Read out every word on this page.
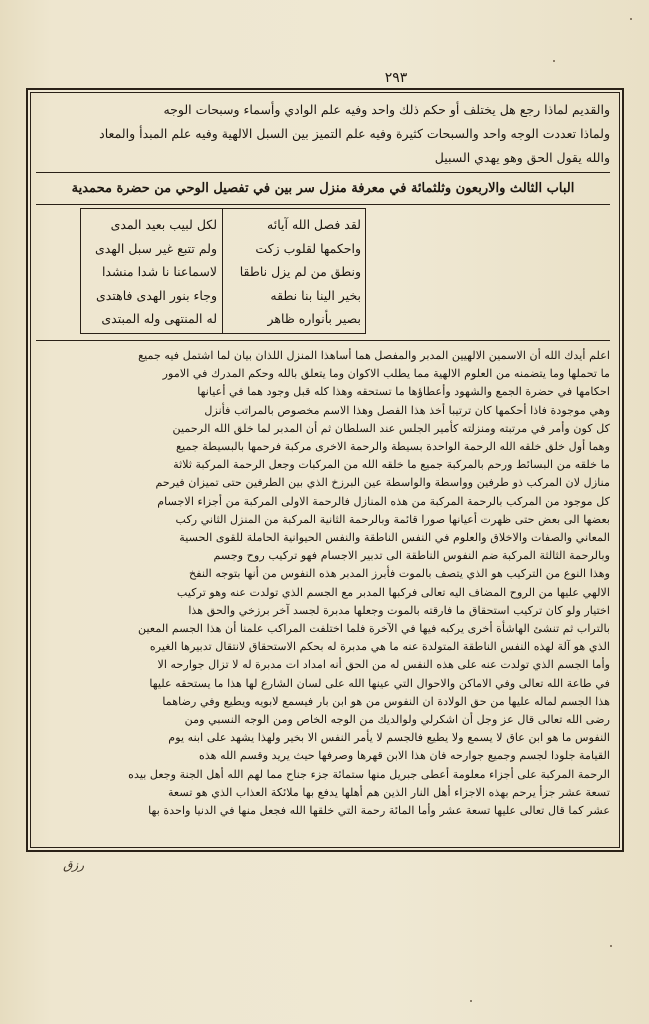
٢٩٣
والقديم لماذا رجع هل يختلف أو حكم ذلك واحد وفيه علم الوادي وأسماء وسبحات الوجه
ولماذا تعددت الوجه واحد والسبحات كثيرة وفيه علم التميز بين السبل الالهية وفيه علم المبدأ والمعاد
والله يقول الحق وهو يهدي السبيل
الباب الثالث والاربعون وثلثمائة في معرفة منزل سر بين في تفصيل الوحي من حضرة محمدية
لقد فصل الله آيائه
واحكمها لقلوب زكت
ونطق من لم يزل ناطقا
بخير الينا بنا نطقه
بصير بأنواره ظاهر
لكل لبيب بعيد المدى
ولم تتبع غير سبل الهدى
لاسماعنا نا شدا منشدا
وجاء بنور الهدى فاهتدى
له المنتهى وله المبتدى
اعلم أيدك الله أن الاسمين الالهيين المدبر والمفصل هما أساهذا المنزل اللذان بيان لما اشتمل فيه جميع
ما تحملها وما يتضمنه من العلوم الالهية مما يطلب الاكوان وما يتعلق بالله وحكم المدرك في الامور
احكامها في حضرة الجمع والشهود وأعطاؤها ما تستحقه وهذا كله قبل وجود هما في أعيانها
وهي موجودة فاذا أحكمها كان ترتيبا أخذ هذا الفصل وهذا الاسم مخصوص بالمراتب فأنزل
كل كون وأمر في مرتبته ومنزلته كأمير الجلس عند السلطان ثم أن المدبر لما خلق الله الرحمين
وهما أول خلق خلقه الله الرحمة الواحدة بسيطة والرحمة الاخرى مركبة فرحمها بالبسيطة جميع
ما خلقه من البسائط ورحم بالمركبة جميع ما خلقه الله من المركبات وجعل الرحمة المركبة ثلاثة
منازل لان المركب ذو طرفين وواسطة والواسطة عين البرزخ الذي بين الطرفين حتى تميزان فيرحم
كل موجود من المركب بالرحمة المركبة من هذه المنازل فالرحمة الاولى المركبة من أجزاء الاجسام
بعضها الى بعض حتى ظهرت أعيانها صورا قائمة وبالرحمة الثانية المركبة من المنزل الثاني ركب
المعاني والصفات والاخلاق والعلوم في النفس الناطقة والنفس الحيوانية الحاملة للقوى الحسية
وبالرحمة الثالثة المركبة ضم النفوس الناطقة الى تدبير الاجسام فهو تركيب روح وجسم
وهذا النوع من التركيب هو الذي يتصف بالموت فأبرز المدبر هذه النفوس من أنها بتوجه النفخ
الالهي عليها من الروح المضاف اليه تعالى فركبها المدبر مع الجسم الذي تولدت عنه وهو تركيب
اختيار ولو كان تركيب استحقاق ما فارقته بالموت وجعلها مدبرة لجسد آخر برزخي والحق هذا
بالتراب ثم تنشئ الهاشأة أخرى يركبه فيها في الآخرة فلما اختلفت المراكب علمنا أن هذا الجسم المعين
الذي هو آلة لهذه النفس الناطقة المتولدة عنه ما هي مدبرة له بحكم الاستحقاق لانتقال تدبيرها الغيره
وأما الجسم الذي تولدت عنه على هذه النفس له من الحق أنه امداد ات مدبرة له لا تزال جوارحه الا
في طاعة الله تعالى وفي الاماكن والاحوال التي عينها الله على لسان الشارع لها هذا ما يستحقه عليها
هذا الجسم لماله عليها من حق الولادة ان النفوس من هو ابن بار فيسمع لابويه ويطيع وفي رضاهما
رضى الله تعالى قال عز وجل أن اشكرلي ولوالديك من الوجه الخاص ومن الوجه النسبي ومن
النفوس ما هو ابن عاق لا يسمع ولا يطيع فالجسم لا يأمر النفس الا بخير ولهذا يشهد على ابنه يوم
القيامة جلودا لجسم وجميع جوارحه فان هذا الابن قهرها وصرفها حيث يريد وقسم الله هذه
الرحمة المركبة على أجزاء معلومة أعطى جبريل منها ستمائة جزء جناح مما لهم الله أهل الجنة وجعل بيده
تسعة عشر جزأ يرحم بهذه الاجزاء أهل النار الذين هم أهلها يدفع بها ملائكة العذاب الذي هو تسعة
عشر كما قال تعالى عليها تسعة عشر وأما المائة رحمة التي خلقها الله فجعل منها في الدنيا واحدة بها
رزق
